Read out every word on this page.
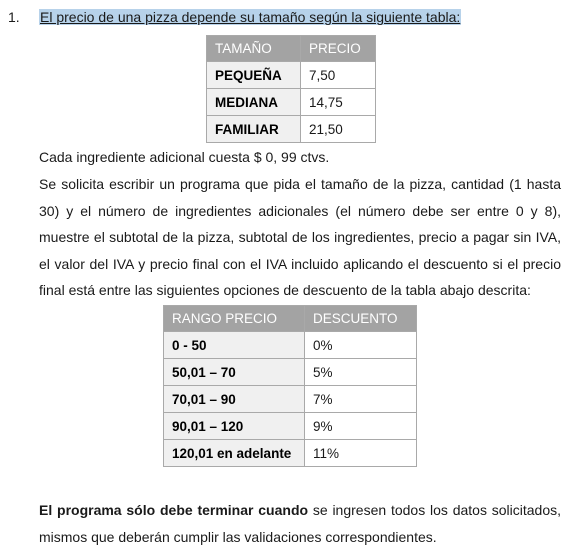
1. El precio de una pizza depende su tamaño según la siguiente tabla:
TAMAÑO	PRECIO
PEQUEÑA	7,50
MEDIANA	14,75
FAMILIAR	21,50
Cada ingrediente adicional cuesta $ 0, 99 ctvs.
Se solicita escribir un programa que pida el tamaño de la pizza, cantidad (1 hasta 30) y el número de ingredientes adicionales (el número debe ser entre 0 y 8), muestre el subtotal de la pizza, subtotal de los ingredientes, precio a pagar sin IVA, el valor del IVA y precio final con el IVA incluido aplicando el descuento si el precio final está entre las siguientes opciones de descuento de la tabla abajo descrita:
RANGO PRECIO	DESCUENTO
0 - 50	0%
50,01 – 70	5%
70,01 – 90	7%
90,01 – 120	9%
120,01 en adelante	11%
El programa sólo debe terminar cuando se ingresen todos los datos solicitados, mismos que deberán cumplir las validaciones correspondientes.
